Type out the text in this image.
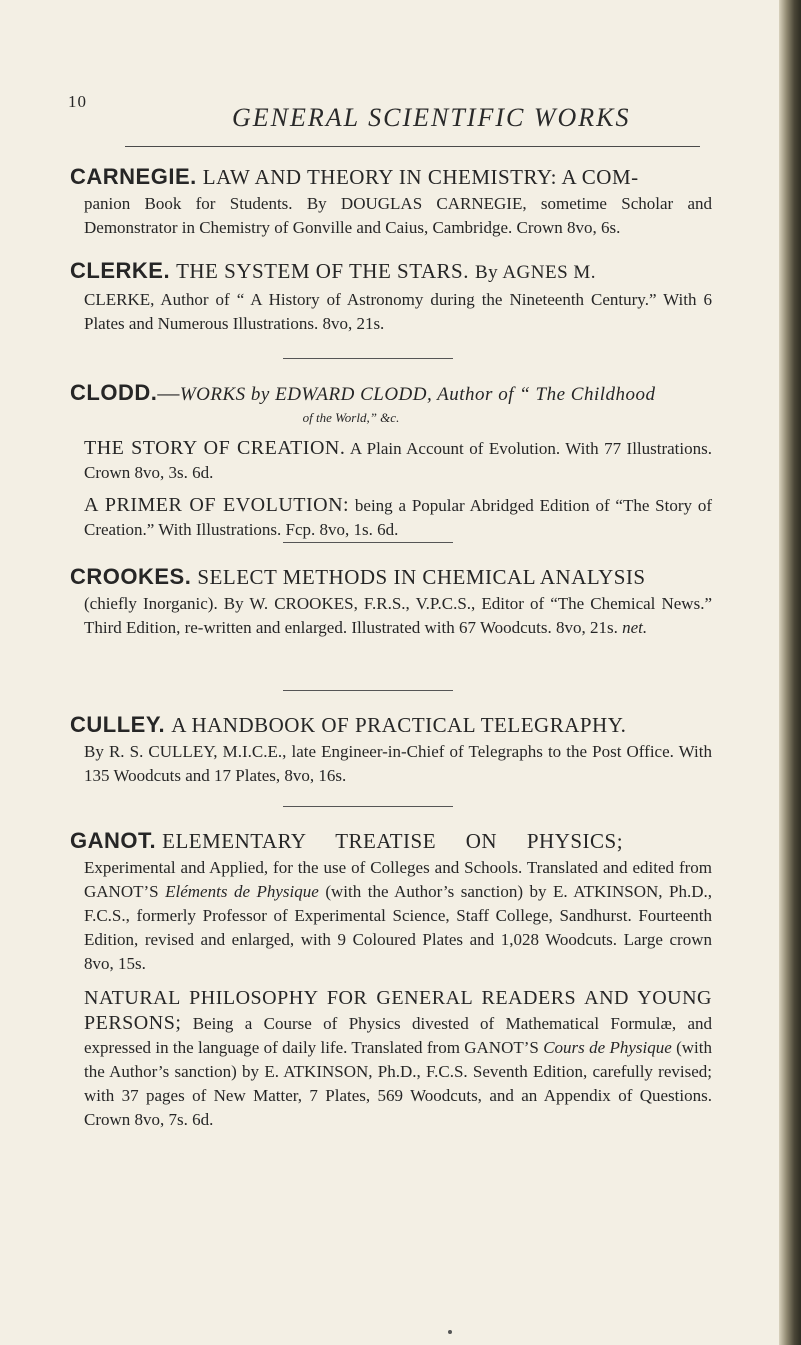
10
GENERAL SCIENTIFIC WORKS

CARNEGIE. LAW AND THEORY IN CHEMISTRY: A COM-

panion Book for Students. By DOUGLAS CARNEGIE, sometime Scholar and Demonstrator in Chemistry of Gonville and Caius, Cambridge. Crown 8vo, 6s.

CLERKE. THE SYSTEM OF THE STARS. By AGNES M.

CLERKE, Author of “ A History of Astronomy during the Nineteenth Century.” With 6 Plates and Numerous Illustrations. 8vo, 21s.

CLODD.—WORKS by EDWARD CLODD, Author of “ The Childhood

of the World,” &c.

THE STORY OF CREATION. A Plain Account of Evolution. With 77 Illustrations. Crown 8vo, 3s. 6d.

A PRIMER OF EVOLUTION: being a Popular Abridged Edition of “The Story of Creation.” With Illustrations. Fcp. 8vo, 1s. 6d.

CROOKES. SELECT METHODS IN CHEMICAL ANALYSIS

(chiefly Inorganic). By W. CROOKES, F.R.S., V.P.C.S., Editor of “The Chemical News.” Third Edition, re-written and enlarged. Illustrated with 67 Woodcuts. 8vo, 21s. net.

CULLEY. A HANDBOOK OF PRACTICAL TELEGRAPHY.

By R. S. CULLEY, M.I.C.E., late Engineer-in-Chief of Telegraphs to the Post Office. With 135 Woodcuts and 17 Plates, 8vo, 16s.

GANOT. ELEMENTARY TREATISE ON PHYSICS;

Experimental and Applied, for the use of Colleges and Schools. Translated and edited from GANOT’S Eléments de Physique (with the Author’s sanction) by E. ATKINSON, Ph.D., F.C.S., formerly Professor of Experimental Science, Staff College, Sandhurst. Fourteenth Edition, revised and enlarged, with 9 Coloured Plates and 1,028 Woodcuts. Large crown 8vo, 15s.

NATURAL PHILOSOPHY FOR GENERAL READERS AND YOUNG PERSONS; Being a Course of Physics divested of Mathematical Formulæ, and expressed in the language of daily life. Translated from GANOT’S Cours de Physique (with the Author’s sanction) by E. ATKINSON, Ph.D., F.C.S. Seventh Edition, carefully revised; with 37 pages of New Matter, 7 Plates, 569 Woodcuts, and an Appendix of Questions. Crown 8vo, 7s. 6d.
